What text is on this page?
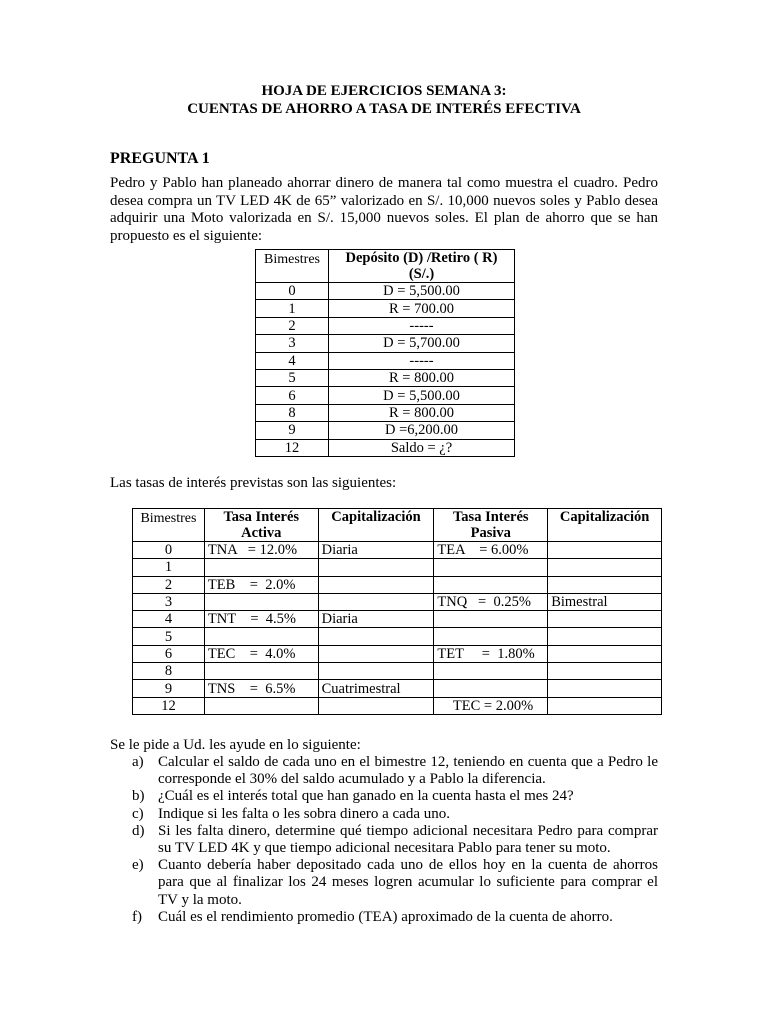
HOJA DE EJERCICIOS SEMANA 3:
CUENTAS DE AHORRO A TASA DE INTERÉS EFECTIVA
PREGUNTA 1
Pedro y Pablo han planeado ahorrar dinero de manera tal como muestra el cuadro. Pedro desea compra un TV LED 4K de 65” valorizado en S/. 10,000 nuevos soles y Pablo desea adquirir una Moto valorizada en S/. 15,000 nuevos soles. El plan de ahorro que se han propuesto es el siguiente:
Bimestres	Depósito (D) /Retiro ( R) (S/.)
0	D = 5,500.00
1	R = 700.00
2	-----
3	D = 5,700.00
4	-----
5	R = 800.00
6	D = 5,500.00
8	R = 800.00
9	D =6,200.00
12	Saldo = ¿?
Las tasas de interés previstas son las siguientes:
Bimestres	Tasa Interés Activa	Capitalización	Tasa Interés Pasiva	Capitalización
0	TNA   = 12.0%	Diaria	TEA    = 6.00%	
1				
2	TEB    =  2.0%			
3			TNQ   =  0.25%	Bimestral
4	TNT    =  4.5%	Diaria		
5				
6	TEC    =  4.0%		TET     =  1.80%	
8				
9	TNS    =  6.5%	Cuatrimestral		
12			TEC = 2.00%	
Se le pide a Ud. les ayude en lo siguiente:
a) Calcular el saldo de cada uno en el bimestre 12, teniendo en cuenta que a Pedro le corresponde el 30% del saldo acumulado y a Pablo la diferencia.
b) ¿Cuál es el interés total que han ganado en la cuenta hasta el mes 24?
c) Indique si les falta o les sobra dinero a cada uno.
d) Si les falta dinero, determine qué tiempo adicional necesitara Pedro para comprar su TV LED 4K y que tiempo adicional necesitara Pablo para tener su moto.
e) Cuanto debería haber depositado cada uno de ellos hoy en la cuenta de ahorros para que al finalizar los 24 meses logren acumular lo suficiente para comprar el TV y la moto.
f) Cuál es el rendimiento promedio (TEA) aproximado de la cuenta de ahorro.
